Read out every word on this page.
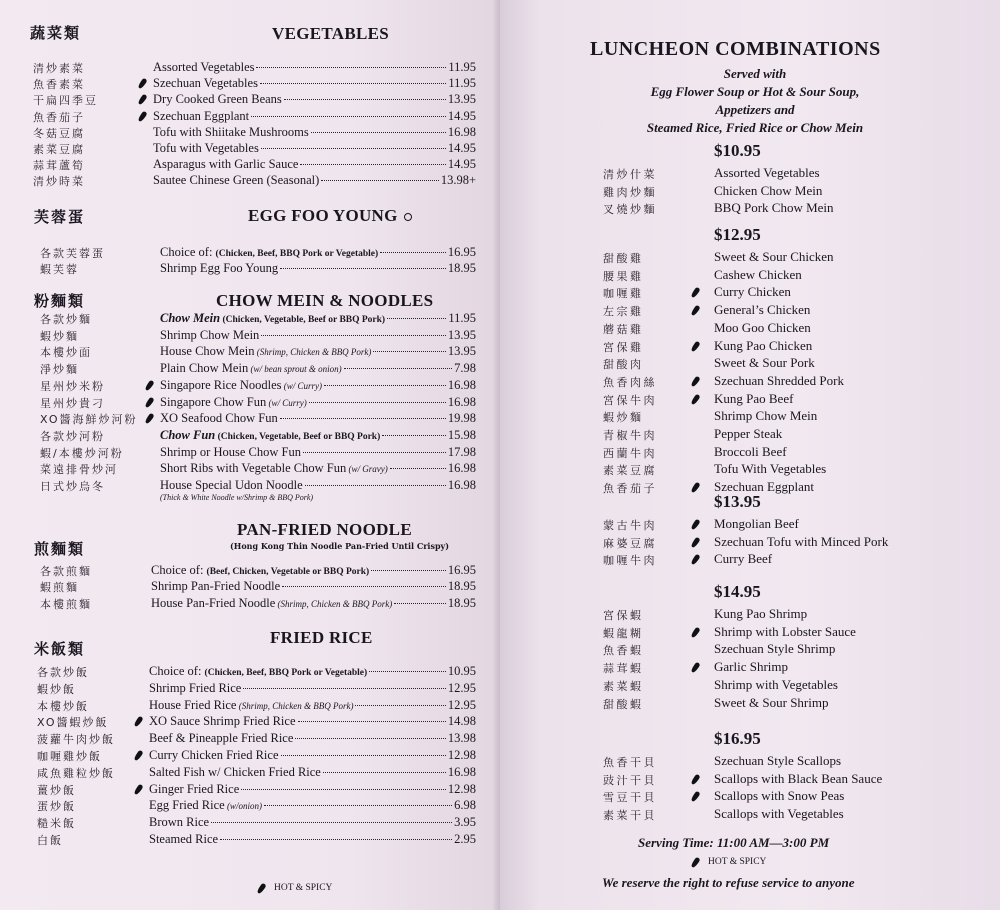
蔬菜類	VEGETABLES
清炒素菜	Assorted Vegetables	11.95
魚香素菜	Szechuan Vegetables	11.95
干扁四季豆	Dry Cooked Green Beans	13.95
魚香茄子	Szechuan Eggplant	14.95
冬菇豆腐	Tofu with Shiitake Mushrooms	16.98
素菜豆腐	Tofu with Vegetables	14.95
蒜茸蘆筍	Asparagus with Garlic Sauce	14.95
清炒時菜	Sautee Chinese Green (Seasonal)	13.98+
芙蓉蛋	EGG FOO YOUNG
各款芙蓉蛋	Choice of: (Chicken, Beef, BBQ Pork or Vegetable)	16.95
蝦芙蓉	Shrimp Egg Foo Young	18.95
粉麵類	CHOW MEIN & NOODLES
各款炒麵	Chow Mein (Chicken, Vegetable, Beef or BBQ Pork)	11.95
蝦炒麵	Shrimp Chow Mein	13.95
本樓炒面	House Chow Mein (Shrimp, Chicken & BBQ Pork)	13.95
淨炒麵	Plain Chow Mein (w/ bean sprout & onion)	7.98
星州炒米粉	Singapore Rice Noodles (w/ Curry)	16.98
星州炒貴刁	Singapore Chow Fun (w/ Curry)	16.98
XO醬海鮮炒河粉 XO Seafood Chow Fun	19.98
各款炒河粉	Chow Fun (Chicken, Vegetable, Beef or BBQ Pork)	15.98
蝦/本樓炒河粉	Shrimp or House Chow Fun	17.98
菜遠排骨炒河	Short Ribs with Vegetable Chow Fun (w/ Gravy)	16.98
日式炒烏冬	House Special Udon Noodle	16.98
(Thick & White Noodle w/Shrimp & BBQ Pork)
煎麵類
PAN-FRIED NOODLE
(Hong Kong Thin Noodle Pan-Fried Until Crispy)
各款煎麵	Choice of: (Beef, Chicken, Vegetable or BBQ Pork)	16.95
蝦煎麵	Shrimp Pan-Fried Noodle	18.95
本樓煎麵	House Pan-Fried Noodle (Shrimp, Chicken & BBQ Pork)	18.95
米飯類
FRIED RICE
各款炒飯	Choice of: (Chicken, Beef, BBQ Pork or Vegetable)	10.95
蝦炒飯	Shrimp Fried Rice	12.95
本樓炒飯	House Fried Rice (Shrimp, Chicken & BBQ Pork)	12.95
XO醬蝦炒飯	XO Sauce Shrimp Fried Rice	14.98
菠蘿牛肉炒飯	Beef & Pineapple Fried Rice	13.98
咖喱雞炒飯	Curry Chicken Fried Rice	12.98
咸魚雞粒炒飯	Salted Fish w/ Chicken Fried Rice	16.98
薑炒飯	Ginger Fried Rice	12.98
蛋炒飯	Egg Fried Rice (w/onion)	6.98
糙米飯	Brown Rice	3.95
白飯	Steamed Rice	2.95
HOT & SPICY
LUNCHEON COMBINATIONS
Served with
Egg Flower Soup or Hot & Sour Soup,
Appetizers and
Steamed Rice, Fried Rice or Chow Mein
$10.95
清炒什菜	Assorted Vegetables
雞肉炒麵	Chicken Chow Mein
叉燒炒麵	BBQ Pork Chow Mein
$12.95
甜酸雞	Sweet & Sour Chicken
腰果雞	Cashew Chicken
咖喱雞	Curry Chicken
左宗雞	General’s Chicken
蘑菇雞	Moo Goo Chicken
宮保雞	Kung Pao Chicken
甜酸肉	Sweet & Sour Pork
魚香肉絲	Szechuan Shredded Pork
宮保牛肉	Kung Pao Beef
蝦炒麵	Shrimp Chow Mein
青椒牛肉	Pepper Steak
西蘭牛肉	Broccoli Beef
素菜豆腐	Tofu With Vegetables
魚香茄子	Szechuan Eggplant
$13.95
蒙古牛肉	Mongolian Beef
麻婆豆腐	Szechuan Tofu with Minced Pork
咖喱牛肉	Curry Beef
$14.95
宮保蝦	Kung Pao Shrimp
蝦龍糊	Shrimp with Lobster Sauce
魚香蝦	Szechuan Style Shrimp
蒜茸蝦	Garlic Shrimp
素菜蝦	Shrimp with Vegetables
甜酸蝦	Sweet & Sour Shrimp
$16.95
魚香干貝	Szechuan Style Scallops
豉汁干貝	Scallops with Black Bean Sauce
雪豆干貝	Scallops with Snow Peas
素菜干貝	Scallops with Vegetables
Serving Time: 11:00 AM—3:00 PM
HOT & SPICY
We reserve the right to refuse service to anyone
